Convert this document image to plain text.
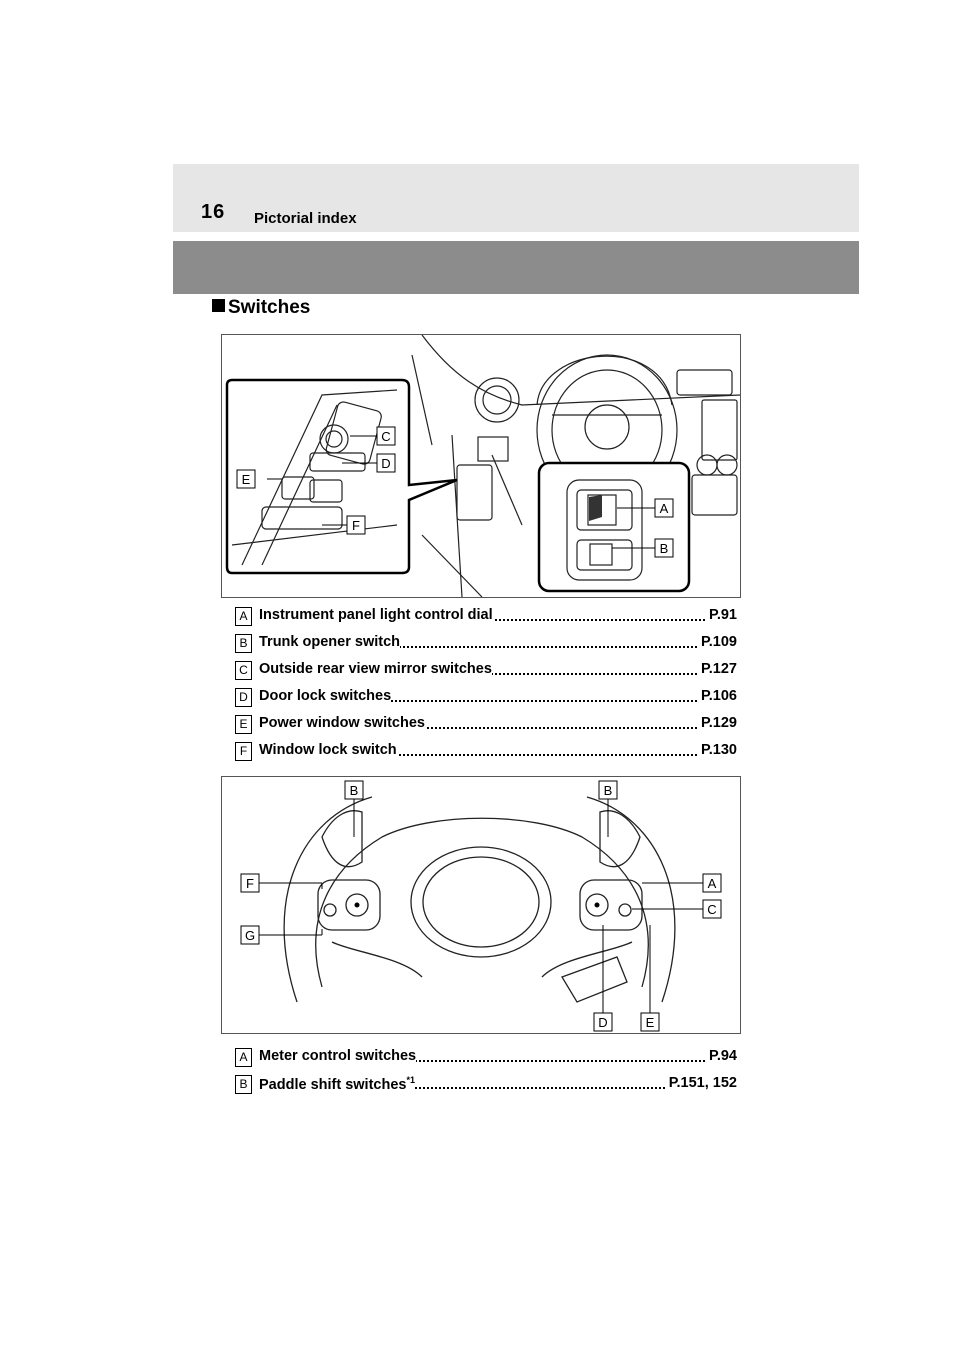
16 Pictorial index
Switches
C
D
E
F
A
B
A Instrument panel light control dial	P.91
B Trunk opener switch	P.109
C Outside rear view mirror switches	P.127
D Door lock switches	P.106
E Power window switches	P.129
F Window lock switch	P.130
B	B
F	A
C
G
D	E
A Meter control switches	P.94
B Paddle shift switches$^{*1}$	P.151, 152
